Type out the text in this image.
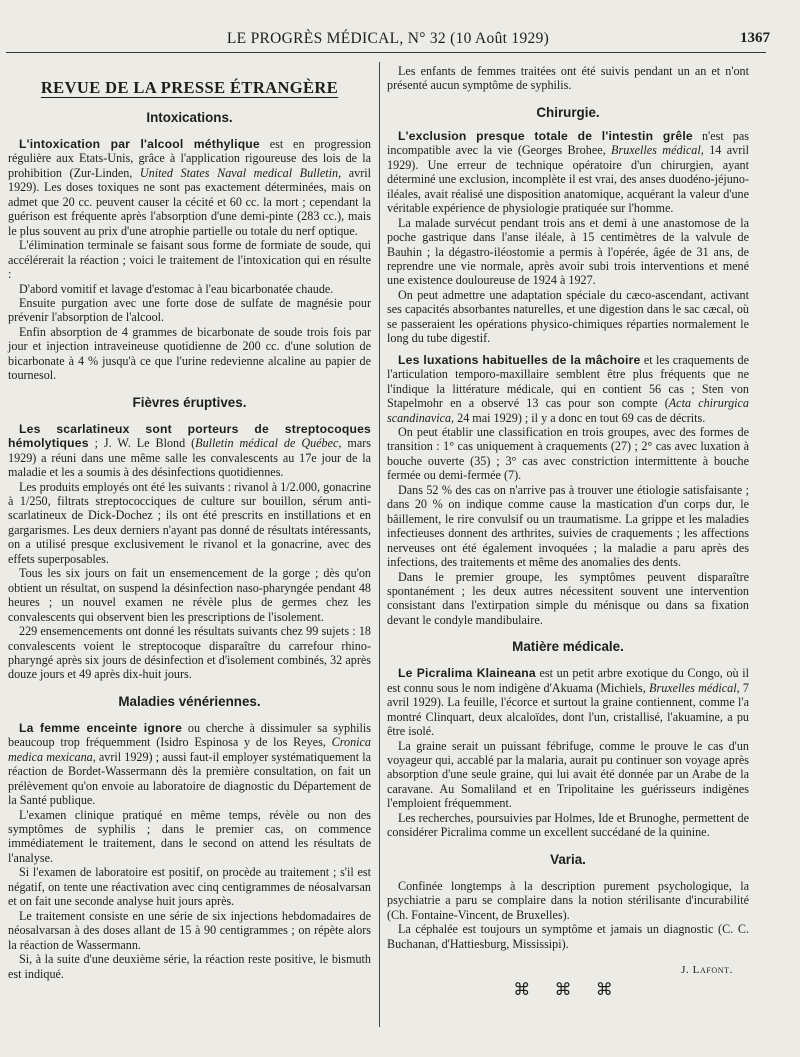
LE PROGRÈS MÉDICAL, N° 32 (10 Août 1929)	1367
REVUE DE LA PRESSE ÉTRANGÈRE
Intoxications.

L'intoxication par l'alcool méthylique est en progression régulière aux Etats-Unis, grâce à l'application rigoureuse des lois de la prohibition (Zur-Linden, United States Naval medical Bulletin, avril 1929). Les doses toxiques ne sont pas exactement déterminées, mais on admet que 20 cc. peuvent causer la cécité et 60 cc. la mort ; cependant la guérison est fréquente après l'absorption d'une demi-pinte (283 cc.), mais le plus souvent au prix d'une atrophie partielle ou totale du nerf optique.

L'élimination terminale se faisant sous forme de formiate de soude, qui accélérerait la réaction ; voici le traitement de l'intoxication qui en résulte :

D'abord vomitif et lavage d'estomac à l'eau bicarbonatée chaude.

Ensuite purgation avec une forte dose de sulfate de magnésie pour prévenir l'absorption de l'alcool.

Enfin absorption de 4 grammes de bicarbonate de soude trois fois par jour et injection intraveineuse quotidienne de 200 cc. d'une solution de bicarbonate à 4 % jusqu'à ce que l'urine redevienne alcaline au papier de tournesol.

Fièvres éruptives.

Les scarlatineux sont porteurs de streptocoques hémolytiques ; J. W. Le Blond (Bulletin médical de Québec, mars 1929) a réuni dans une même salle les convalescents au 17e jour de la maladie et les a soumis à des désinfections quotidiennes.

Les produits employés ont été les suivants : rivanol à 1/2.000, gonacrine à 1/250, filtrats streptococciques de culture sur bouillon, sérum anti-scarlatineux de Dick-Dochez ; ils ont été prescrits en instillations et en gargarismes. Les deux derniers n'ayant pas donné de résultats intéressants, on a utilisé presque exclusivement le rivanol et la gonacrine, avec des effets superposables.

Tous les six jours on fait un ensemencement de la gorge ; dès qu'on obtient un résultat, on suspend la désinfection naso-pharyngée pendant 48 heures ; un nouvel examen ne révèle plus de germes chez les convalescents qui observent bien les prescriptions de l'isolement.

229 ensemencements ont donné les résultats suivants chez 99 sujets : 18 convalescents voient le streptocoque disparaître du carrefour rhino-pharyngé après six jours de désinfection et d'isolement combinés, 32 après douze jours et 49 après dix-huit jours.

Maladies vénériennes.

La femme enceinte ignore ou cherche à dissimuler sa syphilis beaucoup trop fréquemment (Isidro Espinosa y de los Reyes, Cronica medica mexicana, avril 1929) ; aussi faut-il employer systématiquement la réaction de Bordet-Wassermann dès la première consultation, on fait un prélèvement qu'on envoie au laboratoire de diagnostic du Département de la Santé publique.

L'examen clinique pratiqué en même temps, révèle ou non des symptômes de syphilis ; dans le premier cas, on commence immédiatement le traitement, dans le second on attend les résultats de l'analyse.

Si l'examen de laboratoire est positif, on procède au traitement ; s'il est négatif, on tente une réactivation avec cinq centigrammes de néosalvarsan et on fait une seconde analyse huit jours après.

Le traitement consiste en une série de six injections hebdomadaires de néosalvarsan à des doses allant de 15 à 90 centigrammes ; on répète alors la réaction de Wassermann.

Si, à la suite d'une deuxième série, la réaction reste positive, le bismuth est indiqué.

Les enfants de femmes traitées ont été suivis pendant un an et n'ont présenté aucun symptôme de syphilis.

Chirurgie.

L'exclusion presque totale de l'intestin grêle n'est pas incompatible avec la vie (Georges Brohee, Bruxelles médical, 14 avril 1929). Une erreur de technique opératoire d'un chirurgien, ayant déterminé une exclusion, incomplète il est vrai, des anses duodéno-jéjuno-iléales, avait réalisé une disposition anatomique, acquérant la valeur d'une véritable expérience de physiologie pratiquée sur l'homme.

La malade survécut pendant trois ans et demi à une anastomose de la poche gastrique dans l'anse iléale, à 15 centimètres de la valvule de Bauhin ; la dégastro-iléostomie a permis à l'opérée, âgée de 31 ans, de reprendre une vie normale, après avoir subi trois interventions et mené une existence douloureuse de 1924 à 1927.

On peut admettre une adaptation spéciale du cæco-ascendant, activant ses capacités absorbantes naturelles, et une digestion dans le sac cæcal, où se passeraient les opérations physico-chimiques réparties normalement le long du tube digestif.

Les luxations habituelles de la mâchoire et les craquements de l'articulation temporo-maxillaire semblent être plus fréquents que ne l'indique la littérature médicale, qui en contient 56 cas ; Sten von Stapelmohr en a observé 13 cas pour son compte (Acta chirurgica scandinavica, 24 mai 1929) ; il y a donc en tout 69 cas de décrits.

On peut établir une classification en trois groupes, avec des formes de transition : 1° cas uniquement à craquements (27) ; 2° cas avec luxation à bouche ouverte (35) ; 3° cas avec constriction intermittente à bouche fermée ou demi-fermée (7).

Dans 52 % des cas on n'arrive pas à trouver une étiologie satisfaisante ; dans 20 % on indique comme cause la mastication d'un corps dur, le bâillement, le rire convulsif ou un traumatisme. La grippe et les maladies infectieuses donnent des arthrites, suivies de craquements ; les affections nerveuses ont été également invoquées ; la maladie a paru après des infections, des traitements et même des anomalies des dents.

Dans le premier groupe, les symptômes peuvent disparaître spontanément ; les deux autres nécessitent souvent une intervention consistant dans l'extirpation simple du ménisque ou dans sa fixation devant le condyle mandibulaire.

Matière médicale.

Le Picralima Klaineana est un petit arbre exotique du Congo, où il est connu sous le nom indigène d'Akuama (Michiels, Bruxelles médical, 7 avril 1929). La feuille, l'écorce et surtout la graine contiennent, comme l'a montré Clinquart, deux alcaloïdes, dont l'un, cristallisé, l'akuamine, a pu être isolé.

La graine serait un puissant fébrifuge, comme le prouve le cas d'un voyageur qui, accablé par la malaria, aurait pu continuer son voyage après absorption d'une seule graine, qui lui avait été donnée par un Arabe de la caravane. Au Somaliland et en Tripolitaine les guérisseurs indigènes l'emploient fréquemment.

Les recherches, poursuivies par Holmes, Ide et Brunoghe, permettent de considérer Picralima comme un excellent succédané de la quinine.

Varia.

Confinée longtemps à la description purement psychologique, la psychiatrie a paru se complaire dans la notion stérilisante d'incurabilité (Ch. Fontaine-Vincent, de Bruxelles).

La céphalée est toujours un symptôme et jamais un diagnostic (C. C. Buchanan, d'Hattiesburg, Mississipi).

J. Lafont.

⌘ ⌘ ⌘
